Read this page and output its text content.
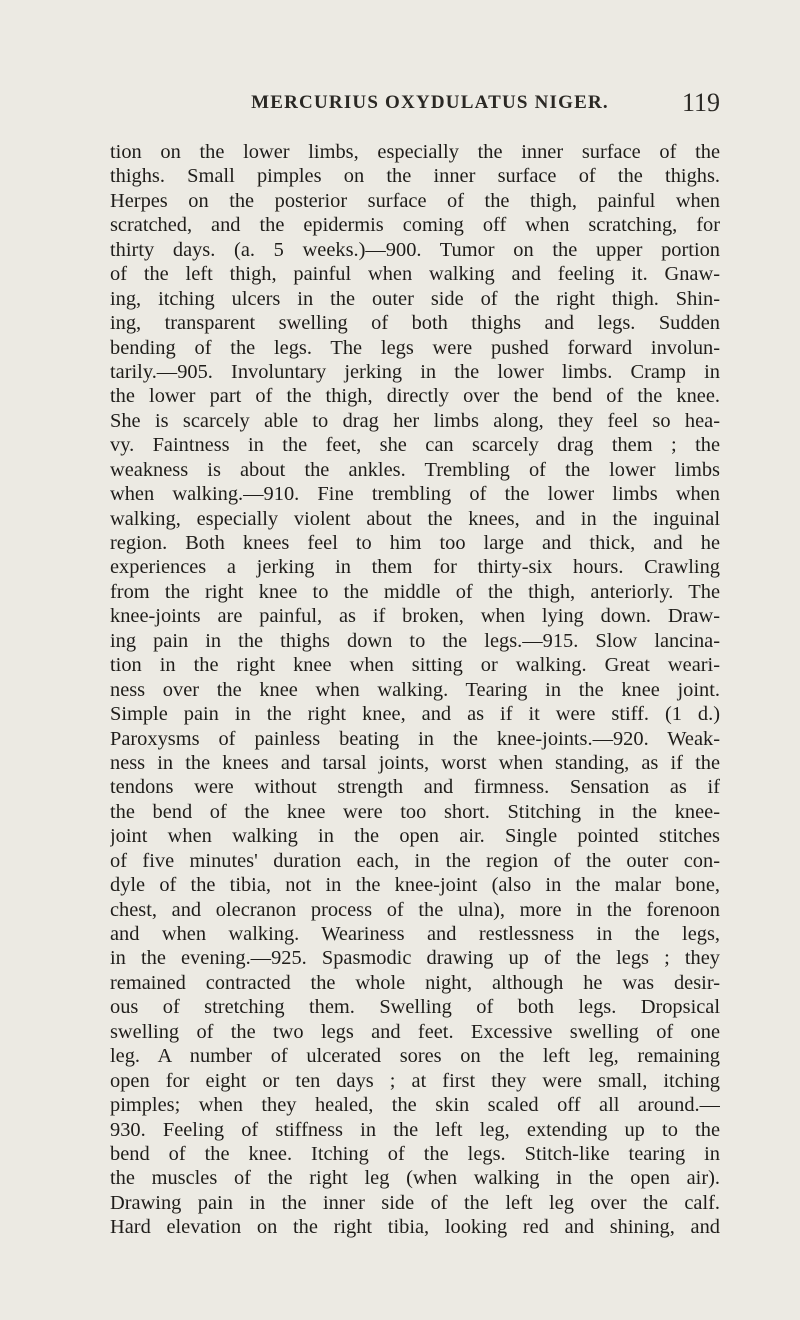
MERCURIUS OXYDULATUS NIGER.	119
tion on the lower limbs, especially the inner surface of the
thighs. Small pimples on the inner surface of the thighs.
Herpes on the posterior surface of the thigh, painful when
scratched, and the epidermis coming off when scratching, for
thirty days. (a. 5 weeks.)—900. Tumor on the upper portion
of the left thigh, painful when walking and feeling it. Gnaw-
ing, itching ulcers in the outer side of the right thigh. Shin-
ing, transparent swelling of both thighs and legs. Sudden
bending of the legs. The legs were pushed forward involun-
tarily.—905. Involuntary jerking in the lower limbs. Cramp in
the lower part of the thigh, directly over the bend of the knee.
She is scarcely able to drag her limbs along, they feel so hea-
vy. Faintness in the feet, she can scarcely drag them ; the
weakness is about the ankles. Trembling of the lower limbs
when walking.—910. Fine trembling of the lower limbs when
walking, especially violent about the knees, and in the inguinal
region. Both knees feel to him too large and thick, and he
experiences a jerking in them for thirty-six hours. Crawling
from the right knee to the middle of the thigh, anteriorly. The
knee-joints are painful, as if broken, when lying down. Draw-
ing pain in the thighs down to the legs.—915. Slow lancina-
tion in the right knee when sitting or walking. Great weari-
ness over the knee when walking. Tearing in the knee joint.
Simple pain in the right knee, and as if it were stiff. (1 d.)
Paroxysms of painless beating in the knee-joints.—920. Weak-
ness in the knees and tarsal joints, worst when standing, as if the
tendons were without strength and firmness. Sensation as if
the bend of the knee were too short. Stitching in the knee-
joint when walking in the open air. Single pointed stitches
of five minutes' duration each, in the region of the outer con-
dyle of the tibia, not in the knee-joint (also in the malar bone,
chest, and olecranon process of the ulna), more in the forenoon
and when walking. Weariness and restlessness in the legs,
in the evening.—925. Spasmodic drawing up of the legs ; they
remained contracted the whole night, although he was desir-
ous of stretching them. Swelling of both legs. Dropsical
swelling of the two legs and feet. Excessive swelling of one
leg. A number of ulcerated sores on the left leg, remaining
open for eight or ten days ; at first they were small, itching
pimples; when they healed, the skin scaled off all around.—
930. Feeling of stiffness in the left leg, extending up to the
bend of the knee. Itching of the legs. Stitch-like tearing in
the muscles of the right leg (when walking in the open air).
Drawing pain in the inner side of the left leg over the calf.
Hard elevation on the right tibia, looking red and shining, and
